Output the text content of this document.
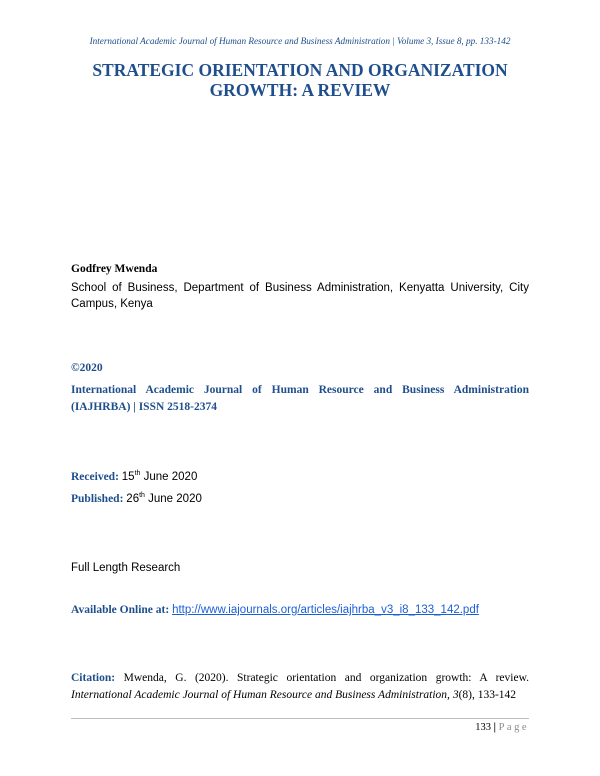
International Academic Journal of Human Resource and Business Administration | Volume 3, Issue 8, pp. 133-142
STRATEGIC ORIENTATION AND ORGANIZATION
GROWTH: A REVIEW
Godfrey Mwenda
School of Business, Department of Business Administration, Kenyatta University, City Campus, Kenya
©2020
International Academic Journal of Human Resource and Business Administration (IAJHRBA) | ISSN 2518-2374
Received: 15th June 2020
Published: 26th June 2020
Full Length Research
Available Online at: http://www.iajournals.org/articles/iajhrba_v3_i8_133_142.pdf
Citation: Mwenda, G. (2020). Strategic orientation and organization growth: A review.
International Academic Journal of Human Resource and Business Administration, 3(8), 133-142
133 | Page
